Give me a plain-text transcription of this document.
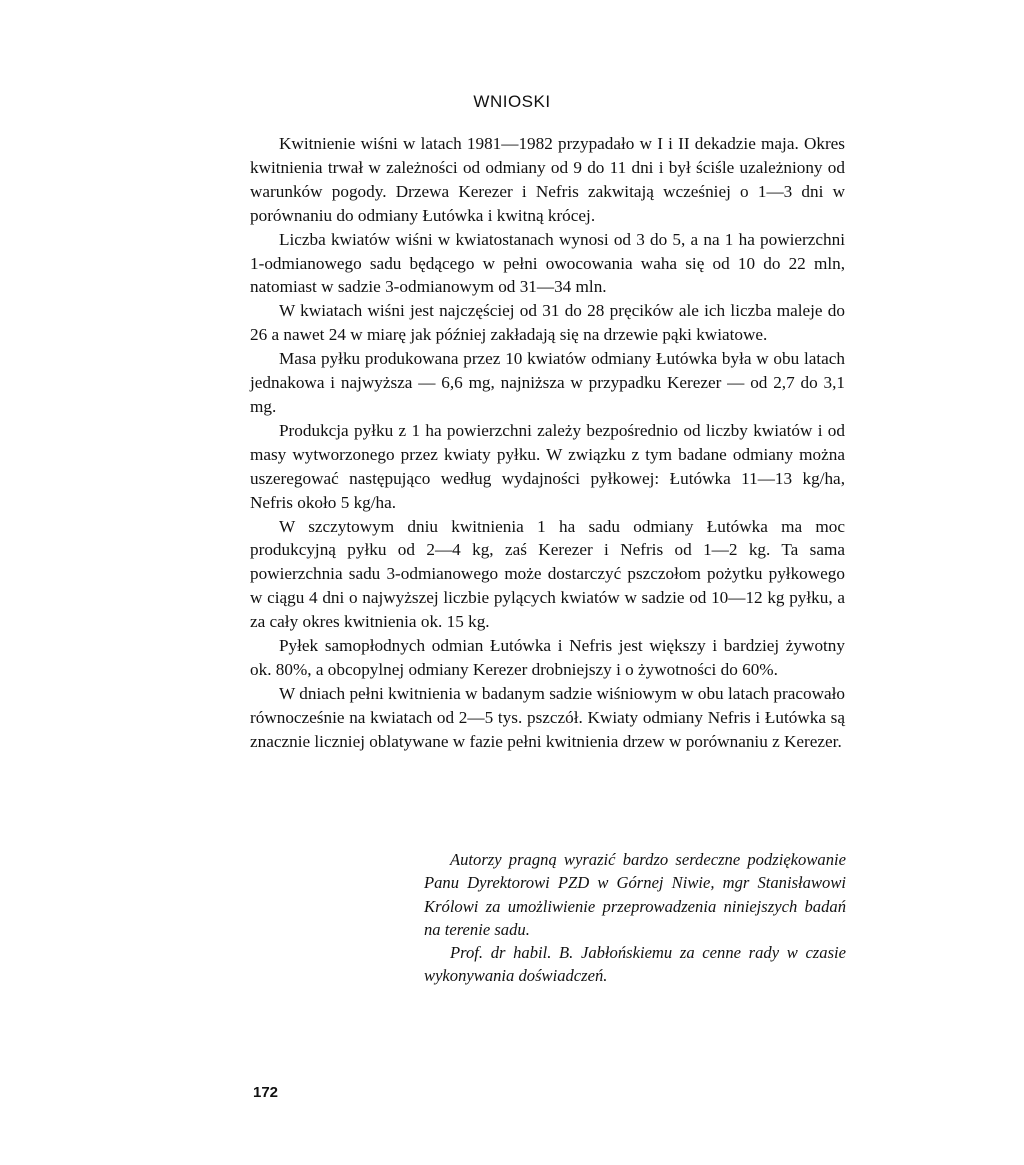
WNIOSKI

Kwitnienie wiśni w latach 1981—1982 przypadało w I i II dekadzie maja. Okres kwitnienia trwał w zależności od odmiany od 9 do 11 dni i był ściśle uzależniony od warunków pogody. Drzewa Kerezer i Nefris zakwitają wcześniej o 1—3 dni w porównaniu do odmiany Łutówka i kwitną krócej.

Liczba kwiatów wiśni w kwiatostanach wynosi od 3 do 5, a na 1 ha powierzchni 1-odmianowego sadu będącego w pełni owocowania waha się od 10 do 22 mln, natomiast w sadzie 3-odmianowym od 31—34 mln.

W kwiatach wiśni jest najczęściej od 31 do 28 pręcików ale ich liczba maleje do 26 a nawet 24 w miarę jak później zakładają się na drzewie pąki kwiatowe.

Masa pyłku produkowana przez 10 kwiatów odmiany Łutówka była w obu latach jednakowa i najwyższa — 6,6 mg, najniższa w przypadku Kerezer — od 2,7 do 3,1 mg.

Produkcja pyłku z 1 ha powierzchni zależy bezpośrednio od liczby kwiatów i od masy wytworzonego przez kwiaty pyłku. W związku z tym badane odmiany można uszeregować następująco według wydajności pyłkowej: Łutówka 11—13 kg/ha, Nefris około 5 kg/ha.

W szczytowym dniu kwitnienia 1 ha sadu odmiany Łutówka ma moc produkcyjną pyłku od 2—4 kg, zaś Kerezer i Nefris od 1—2 kg. Ta sama powierzchnia sadu 3-odmianowego może dostarczyć pszczołom pożytku pyłkowego w ciągu 4 dni o najwyższej liczbie pylących kwiatów w sadzie od 10—12 kg pyłku, a za cały okres kwitnienia ok. 15 kg.

Pyłek samopłodnych odmian Łutówka i Nefris jest większy i bardziej żywotny ok. 80%, a obcopylnej odmiany Kerezer drobniejszy i o żywotności do 60%.

W dniach pełni kwitnienia w badanym sadzie wiśniowym w obu latach pracowało równocześnie na kwiatach od 2—5 tys. pszczół. Kwiaty odmiany Nefris i Łutówka są znacznie liczniej oblatywane w fazie pełni kwitnienia drzew w porównaniu z Kerezer.

Autorzy pragną wyrazić bardzo serdeczne podziękowanie Panu Dyrektorowi PZD w Górnej Niwie, mgr Stanisławowi Królowi za umożliwienie przeprowadzenia niniejszych badań na terenie sadu.

Prof. dr habil. B. Jabłońskiemu za cenne rady w czasie wykonywania doświadczeń.

172
